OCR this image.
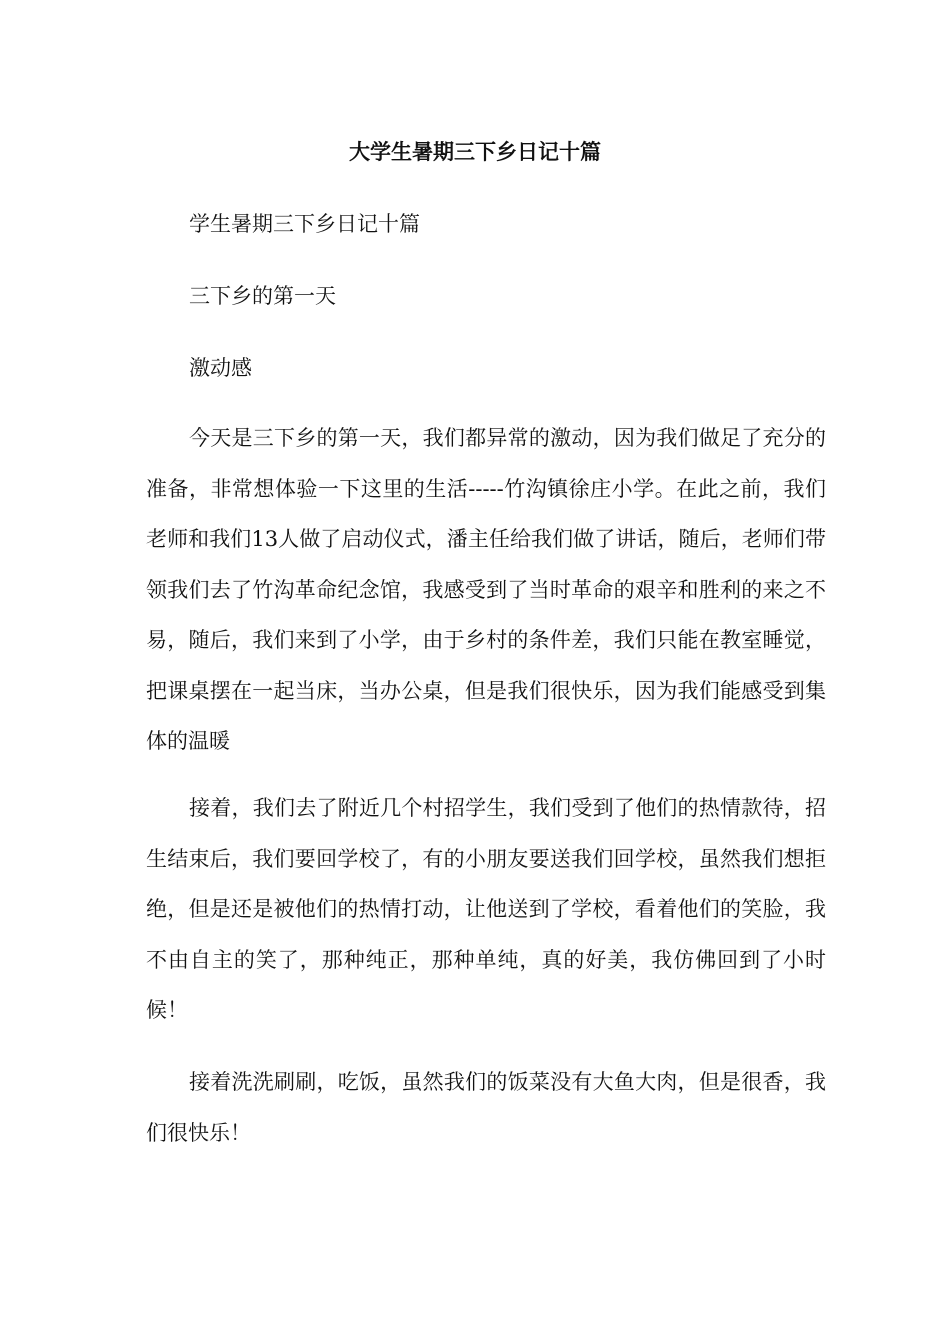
大学生暑期三下乡日记十篇

学生暑期三下乡日记十篇

三下乡的第一天

激动感

今天是三下乡的第一天，我们都异常的激动，因为我们做足了充分的准备，非常想体验一下这里的生活-----竹沟镇徐庄小学。在此之前，我们老师和我们13人做了启动仪式，潘主任给我们做了讲话，随后，老师们带领我们去了竹沟革命纪念馆，我感受到了当时革命的艰辛和胜利的来之不易，随后，我们来到了小学，由于乡村的条件差，我们只能在教室睡觉，把课桌摆在一起当床，当办公桌，但是我们很快乐，因为我们能感受到集体的温暖

接着，我们去了附近几个村招学生，我们受到了他们的热情款待，招生结束后，我们要回学校了，有的小朋友要送我们回学校，虽然我们想拒绝，但是还是被他们的热情打动，让他送到了学校，看着他们的笑脸，我不由自主的笑了，那种纯正，那种单纯，真的好美，我仿佛回到了小时候！

接着洗洗刷刷，吃饭，虽然我们的饭菜没有大鱼大肉，但是很香，我们很快乐！
